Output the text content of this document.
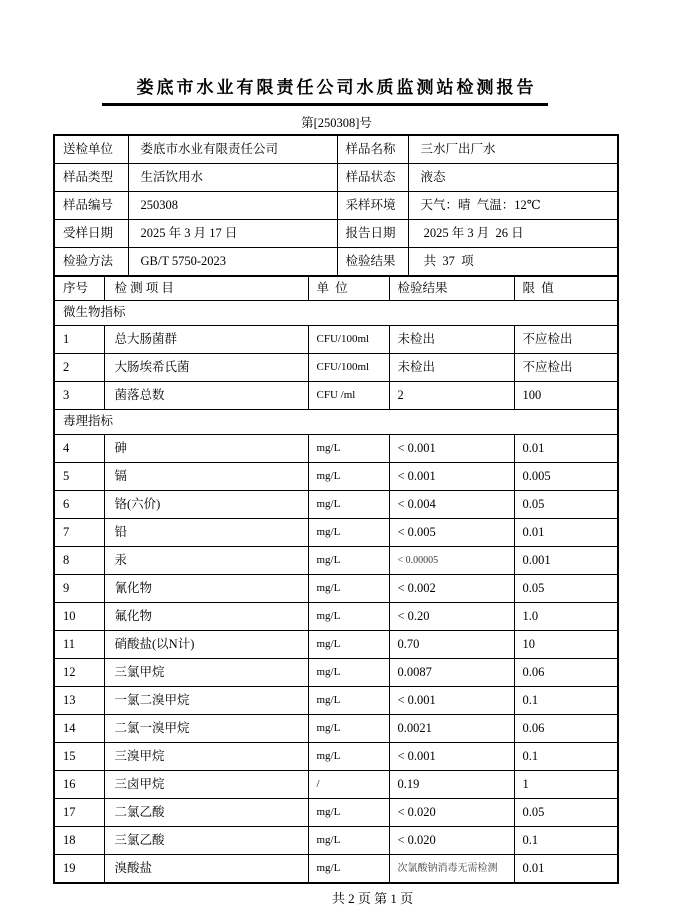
娄底市水业有限责任公司水质监测站检测报告
第[250308]号
送检单位	娄底市水业有限责任公司	样品名称	三水厂出厂水
样品类型	生活饮用水	样品状态	液态
样品编号	250308	采样环境	天气：晴  气温：12℃
受样日期	2025 年 3 月 17 日	报告日期	2025 年 3 月  26 日
检验方法	GB/T 5750-2023	检验结果	共  37  项
序号	检 测 项 目	单  位	检验结果	限  值
微生物指标				
1	总大肠菌群	CFU/100ml	未检出	不应检出
2	大肠埃希氏菌	CFU/100ml	未检出	不应检出
3	菌落总数	CFU /ml	2	100
毒理指标				
4	砷	mg/L	< 0.001	0.01
5	镉	mg/L	< 0.001	0.005
6	铬(六价)	mg/L	< 0.004	0.05
7	铅	mg/L	< 0.005	0.01
8	汞	mg/L	< 0.00005	0.001
9	氰化物	mg/L	< 0.002	0.05
10	氟化物	mg/L	< 0.20	1.0
11	硝酸盐(以N计)	mg/L	0.70	10
12	三氯甲烷	mg/L	0.0087	0.06
13	一氯二溴甲烷	mg/L	< 0.001	0.1
14	二氯一溴甲烷	mg/L	0.0021	0.06
15	三溴甲烷	mg/L	< 0.001	0.1
16	三卤甲烷	/	0.19	1
17	二氯乙酸	mg/L	< 0.020	0.05
18	三氯乙酸	mg/L	< 0.020	0.1
19	溴酸盐	mg/L	次氯酸钠消毒无需检测	0.01
共 2 页 第 1 页
